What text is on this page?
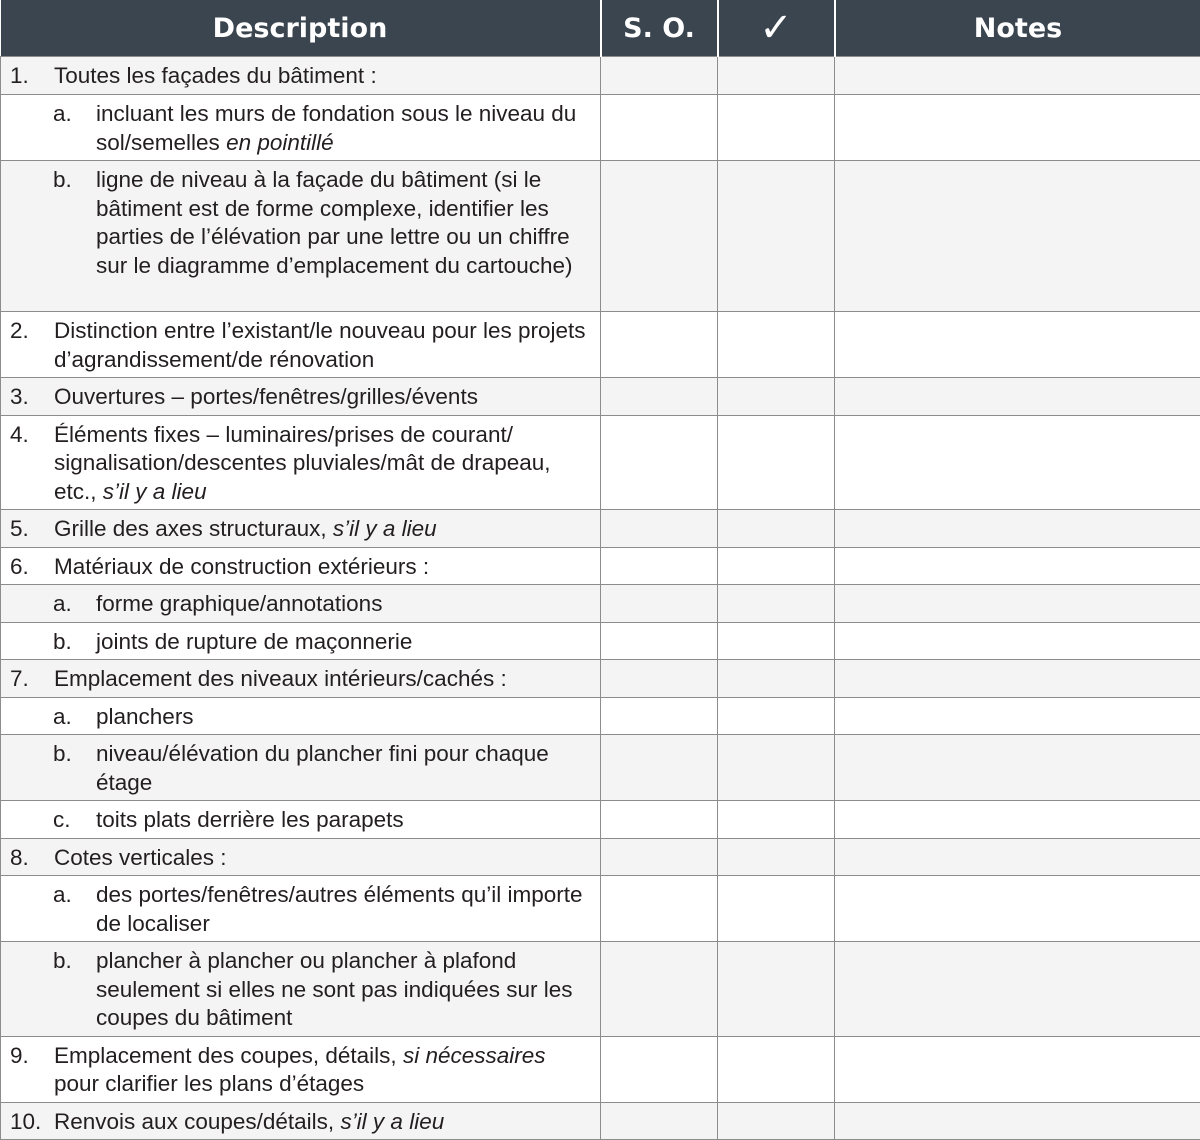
Description	S. O.	✓	Notes

1. Toutes les façades du bâtiment :			

a. incluant les murs de fondation sous le niveau du sol/semelles en pointillé			

b. ligne de niveau à la façade du bâtiment (si le bâtiment est de forme complexe, identifier les parties de l’élévation par une lettre ou un chiffre sur le diagramme d’emplacement du cartouche)			

2. Distinction entre l’existant/le nouveau pour les projets d’agrandissement/de rénovation			

3. Ouvertures – portes/fenêtres/grilles/évents			

4. Éléments fixes – luminaires/prises de courant/ signalisation/descentes pluviales/mât de drapeau, etc., s’il y a lieu			

5. Grille des axes structuraux, s’il y a lieu			

6. Matériaux de construction extérieurs :			

a. forme graphique/annotations			

b. joints de rupture de maçonnerie			

7. Emplacement des niveaux intérieurs/cachés :			

a. planchers			

b. niveau/élévation du plancher fini pour chaque étage			

c. toits plats derrière les parapets			

8. Cotes verticales :			

a. des portes/fenêtres/autres éléments qu’il importe de localiser			

b. plancher à plancher ou plancher à plafond seulement si elles ne sont pas indiquées sur les coupes du bâtiment			

9. Emplacement des coupes, détails, si nécessaires pour clarifier les plans d’étages			

10. Renvois aux coupes/détails, s’il y a lieu			
